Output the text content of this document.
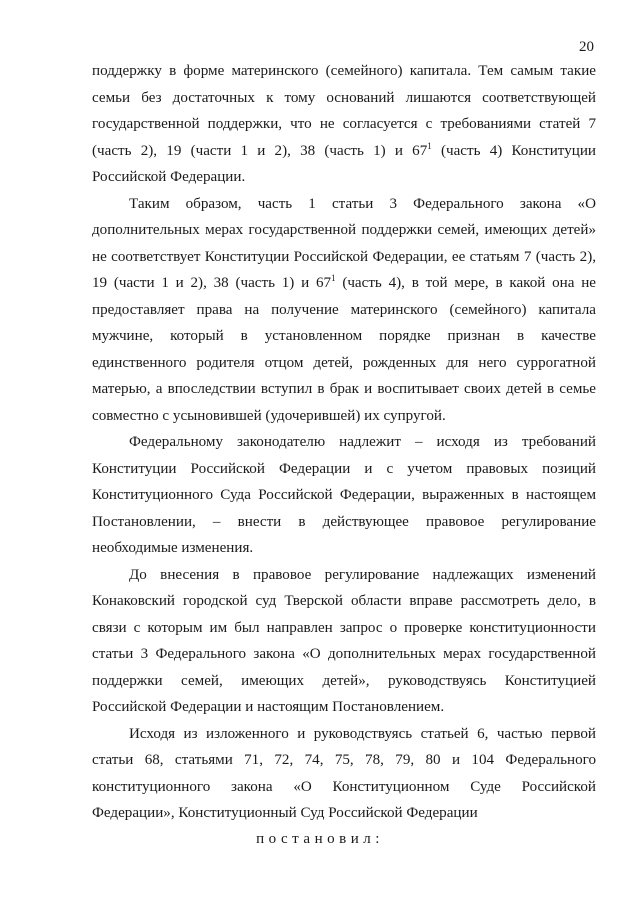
20

поддержку в форме материнского (семейного) капитала. Тем самым такие семьи без достаточных к тому оснований лишаются соответствующей государственной поддержки, что не согласуется с требованиями статей 7 (часть 2), 19 (части 1 и 2), 38 (часть 1) и $67^1$ (часть 4) Конституции Российской Федерации.

Таким образом, часть 1 статьи 3 Федерального закона «О дополнительных мерах государственной поддержки семей, имеющих детей» не соответствует Конституции Российской Федерации, ее статьям 7 (часть 2), 19 (части 1 и 2), 38 (часть 1) и $67^1$ (часть 4), в той мере, в какой она не предоставляет права на получение материнского (семейного) капитала мужчине, который в установленном порядке признан в качестве единственного родителя отцом детей, рожденных для него суррогатной матерью, а впоследствии вступил в брак и воспитывает своих детей в семье совместно с усыновившей (удочерившей) их супругой.

Федеральному законодателю надлежит – исходя из требований Конституции Российской Федерации и с учетом правовых позиций Конституционного Суда Российской Федерации, выраженных в настоящем Постановлении, – внести в действующее правовое регулирование необходимые изменения.

До внесения в правовое регулирование надлежащих изменений Конаковский городской суд Тверской области вправе рассмотреть дело, в связи с которым им был направлен запрос о проверке конституционности статьи 3 Федерального закона «О дополнительных мерах государственной поддержки семей, имеющих детей», руководствуясь Конституцией Российской Федерации и настоящим Постановлением.

Исходя из изложенного и руководствуясь статьей 6, частью первой статьи 68, статьями 71, 72, 74, 75, 78, 79, 80 и 104 Федерального конституционного закона «О Конституционном Суде Российской Федерации», Конституционный Суд Российской Федерации

постановил:
